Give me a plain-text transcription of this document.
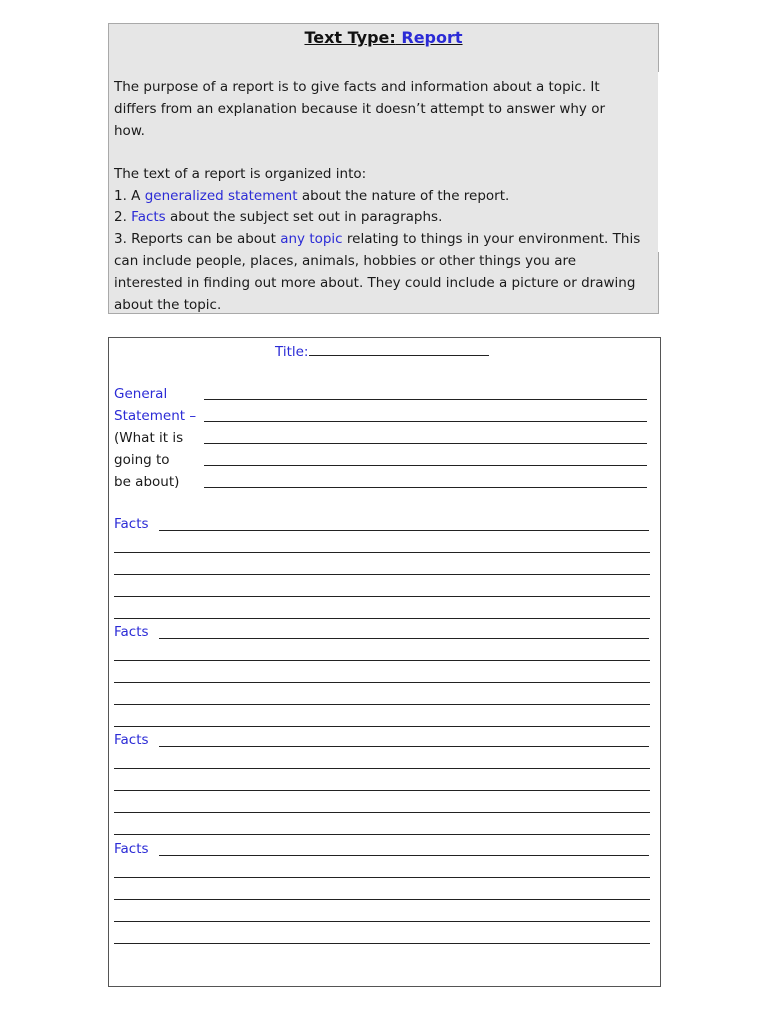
Text Type: Report
The purpose of a report is to give facts and information about a topic. It
differs from an explanation because it doesn’t attempt to answer why or
how.
The text of a report is organized into:
1. A generalized statement about the nature of the report.
2. Facts about the subject set out in paragraphs.
3. Reports can be about any topic relating to things in your environment. This
can include people, places, animals, hobbies or other things you are
interested in finding out more about. They could include a picture or drawing
about the topic.
Title:
General
Statement –
(What it is
going to
be about)
Facts
Facts
Facts
Facts
